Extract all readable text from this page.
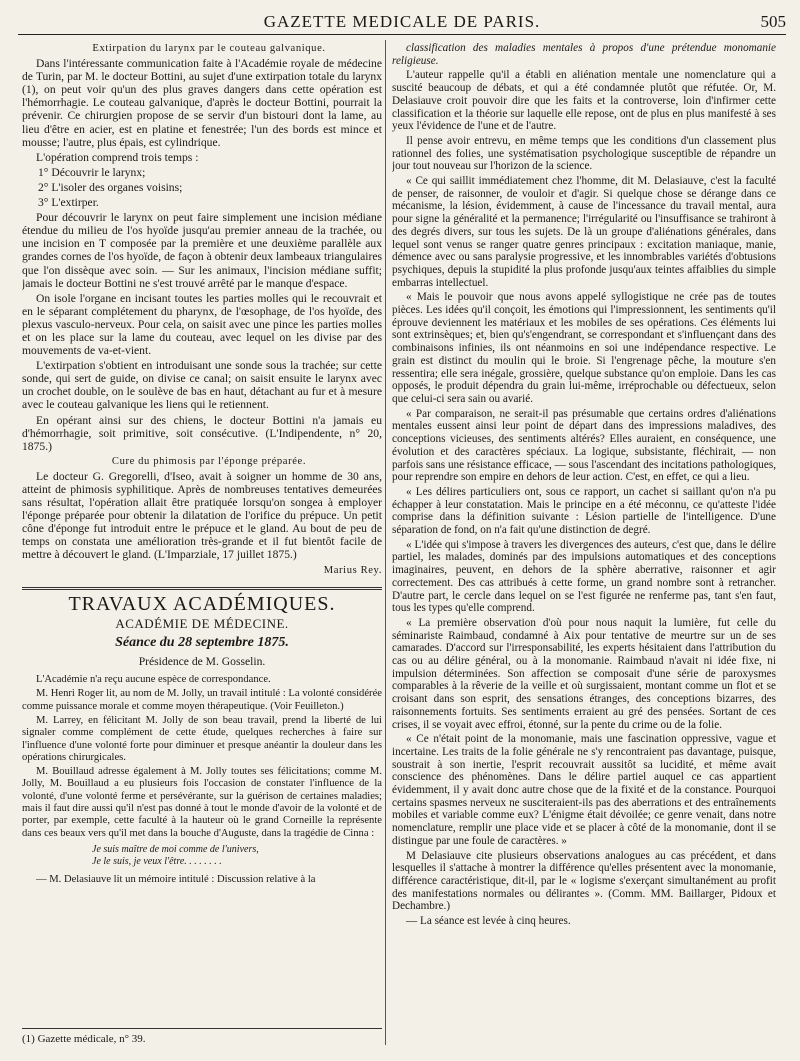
GAZETTE MEDICALE DE PARIS.	505

Extirpation du larynx par le couteau galvanique.

Dans l'intéressante communication faite à l'Académie royale de médecine de Turin, par M. le docteur Bottini, au sujet d'une extirpation totale du larynx (1), on peut voir qu'un des plus graves dangers dans cette opération est l'hémorrhagie. Le couteau galvanique, d'après le docteur Bottini, pourrait la prévenir. Ce chirurgien propose de se servir d'un bistouri dont la lame, au lieu d'être en acier, est en platine et fenestrée; l'un des bords est mince et mousse; l'autre, plus épais, est cylindrique.

L'opération comprend trois temps :

1° Découvrir le larynx;

2° L'isoler des organes voisins;

3° L'extirper.

Pour découvrir le larynx on peut faire simplement une incision médiane étendue du milieu de l'os hyoïde jusqu'au premier anneau de la trachée, ou une incision en T composée par la première et une deuxième parallèle aux grandes cornes de l'os hyoïde, de façon à obtenir deux lambeaux triangulaires que l'on dissèque avec soin. — Sur les animaux, l'incision médiane suffit; jamais le docteur Bottini ne s'est trouvé arrêté par le manque d'espace.

On isole l'organe en incisant toutes les parties molles qui le recouvrait et en le séparant complétement du pharynx, de l'œsophage, de l'os hyoïde, des plexus vasculo-nerveux. Pour cela, on saisit avec une pince les parties molles et on les place sur la lame du couteau, avec lequel on les divise par des mouvements de va-et-vient.

L'extirpation s'obtient en introduisant une sonde sous la trachée; sur cette sonde, qui sert de guide, on divise ce canal; on saisit ensuite le larynx avec un crochet double, on le soulève de bas en haut, détachant au fur et à mesure avec le couteau galvanique les liens qui le retiennent.

En opérant ainsi sur des chiens, le docteur Bottini n'a jamais eu d'hémorrhagie, soit primitive, soit consécutive. (L'Indipendente, n° 20, 1875.)

Cure du phimosis par l'éponge préparée.

Le docteur G. Gregorelli, d'Iseo, avait à soigner un homme de 30 ans, atteint de phimosis syphilitique. Après de nombreuses tentatives demeurées sans résultat, l'opération allait être pratiquée lorsqu'on songea à employer l'éponge préparée pour obtenir la dilatation de l'orifice du prépuce. Un petit cône d'éponge fut introduit entre le prépuce et le gland. Au bout de peu de temps on constata une amélioration très-grande et il fut bientôt facile de mettre à découvert le gland. (L'Imparziale, 17 juillet 1875.)

Marius Rey.
TRAVAUX ACADÉMIQUES.
ACADÉMIE DE MÉDECINE.
Séance du 28 septembre 1875.
Présidence de M. Gosselin.

L'Académie n'a reçu aucune espèce de correspondance.

M. Henri Roger lit, au nom de M. Jolly, un travail intitulé : La volonté considérée comme puissance morale et comme moyen thérapeutique. (Voir Feuilleton.)

M. Larrey, en félicitant M. Jolly de son beau travail, prend la liberté de lui signaler comme complément de cette étude, quelques recherches à faire sur l'influence d'une volonté forte pour diminuer et presque anéantir la douleur dans les opérations chirurgicales.

M. Bouillaud adresse également à M. Jolly toutes ses félicitations; comme M. Jolly, M. Bouillaud a eu plusieurs fois l'occasion de constater l'influence de la volonté, d'une volonté ferme et persévérante, sur la guérison de certaines maladies; mais il faut dire aussi qu'il n'est pas donné à tout le monde d'avoir de la volonté et de porter, par exemple, cette faculté à la hauteur où le grand Corneille la représente dans ces beaux vers qu'il met dans la bouche d'Auguste, dans la tragédie de Cinna :

Je suis maître de moi comme de l'univers,
Je le suis, je veux l'être. . . . . . . .

— M. Delasiauve lit un mémoire intitulé : Discussion relative à la

(1) Gazette médicale, n° 39.

classification des maladies mentales à propos d'une prétendue monomanie religieuse.

L'auteur rappelle qu'il a établi en aliénation mentale une nomenclature qui a suscité beaucoup de débats, et qui a été condamnée plutôt que réfutée. Or, M. Delasiauve croit pouvoir dire que les faits et la controverse, loin d'infirmer cette classification et la théorie sur laquelle elle repose, ont de plus en plus manifesté à ses yeux l'évidence de l'une et de l'autre.

Il pense avoir entrevu, en même temps que les conditions d'un classement plus rationnel des folies, une systématisation psychologique susceptible de répandre un jour tout nouveau sur l'horizon de la science.

« Ce qui saillit immédiatement chez l'homme, dit M. Delasiauve, c'est la faculté de penser, de raisonner, de vouloir et d'agir. Si quelque chose se dérange dans ce mécanisme, la lésion, évidemment, à cause de l'incessance du travail mental, aura pour signe la généralité et la permanence; l'irrégularité ou l'insuffisance se trahiront à des degrés divers, sur tous les sujets. De là un groupe d'aliénations générales, dans lequel sont venus se ranger quatre genres principaux : excitation maniaque, manie, démence avec ou sans paralysie progressive, et les innombrables variétés d'obtusions psychiques, depuis la stupidité la plus profonde jusqu'aux teintes affaiblies du simple embarras intellectuel.

« Mais le pouvoir que nous avons appelé syllogistique ne crée pas de toutes pièces. Les idées qu'il conçoit, les émotions qui l'impressionnent, les sentiments qu'il éprouve deviennent les matériaux et les mobiles de ses opérations. Ces éléments lui sont extrinsèques; et, bien qu's'engendrant, se correspondant et s'influençant dans des combinaisons infinies, ils ont néanmoins en soi une indépendance respective. Le grain est distinct du moulin qui le broie. Si l'engrenage pêche, la mouture s'en ressentira; elle sera inégale, grossière, quelque substance qu'on emploie. Dans les cas opposés, le produit dépendra du grain lui-même, irréprochable ou défectueux, selon que celui-ci sera sain ou avarié.

« Par comparaison, ne serait-il pas présumable que certains ordres d'aliénations mentales eussent ainsi leur point de départ dans des impressions maladives, des conceptions vicieuses, des sentiments altérés? Elles auraient, en conséquence, une évolution et des caractères spéciaux. La logique, subsistante, fléchirait, — non parfois sans une résistance efficace, — sous l'ascendant des incitations pathologiques, pour reprendre son empire en dehors de leur action. C'est, en effet, ce qui a lieu.

« Les délires particuliers ont, sous ce rapport, un cachet si saillant qu'on n'a pu échapper à leur constatation. Mais le principe en a été méconnu, ce qu'atteste l'idée comprise dans la définition suivante : Lésion partielle de l'intelligence. D'une séparation de fond, on n'a fait qu'une distinction de degré.

« L'idée qui s'impose à travers les divergences des auteurs, c'est que, dans le délire partiel, les malades, dominés par des impulsions automatiques et des conceptions imaginaires, peuvent, en dehors de la sphère aberrative, raisonner et agir correctement. Des cas attribués à cette forme, un grand nombre sont à retrancher. D'autre part, le cercle dans lequel on se l'est figurée ne renferme pas, tant s'en faut, tous les types qu'elle comprend.

« La première observation d'où pour nous naquit la lumière, fut celle du séminariste Raimbaud, condamné à Aix pour tentative de meurtre sur un de ses camarades. D'accord sur l'irresponsabilité, les experts hésitaient dans l'attribution du cas ou au délire général, ou à la monomanie. Raimbaud n'avait ni idée fixe, ni impulsion déterminées. Son affection se composait d'une série de paroxysmes comparables à la rêverie de la veille et où surgissaient, montant comme un flot et se croisant dans son esprit, des sensations étranges, des conceptions bizarres, des raisonnements fortuits. Ses sentiments erraient au gré des pensées. Sortant de ces crises, il se voyait avec effroi, étonné, sur la pente du crime ou de la folie.

« Ce n'était point de la monomanie, mais une fascination oppressive, vague et incertaine. Les traits de la folie générale ne s'y rencontraient pas davantage, puisque, soustrait à son inertie, l'esprit recouvrait aussitôt sa lucidité, et même avait conscience des phénomènes. Dans le délire partiel auquel ce cas appartient évidemment, il y avait donc autre chose que de la fixité et de la constance. Pourquoi certains spasmes nerveux ne susciteraient-ils pas des aberrations et des entraînements mobiles et variable comme eux? L'énigme était dévoilée; ce genre venait, dans notre nomenclature, remplir une place vide et se placer à côté de la monomanie, dont il se distingue par une foule de caractères. »

M Delasiauve cite plusieurs observations analogues au cas précédent, et dans lesquelles il s'attache à montrer la différence qu'elles présentent avec la monomanie, différence caractéristique, dit-il, par le « logisme s'exerçant simultanément au profit des manifestations normales ou délirantes ». (Comm. MM. Baillarger, Pidoux et Dechambre.)

— La séance est levée à cinq heures.
